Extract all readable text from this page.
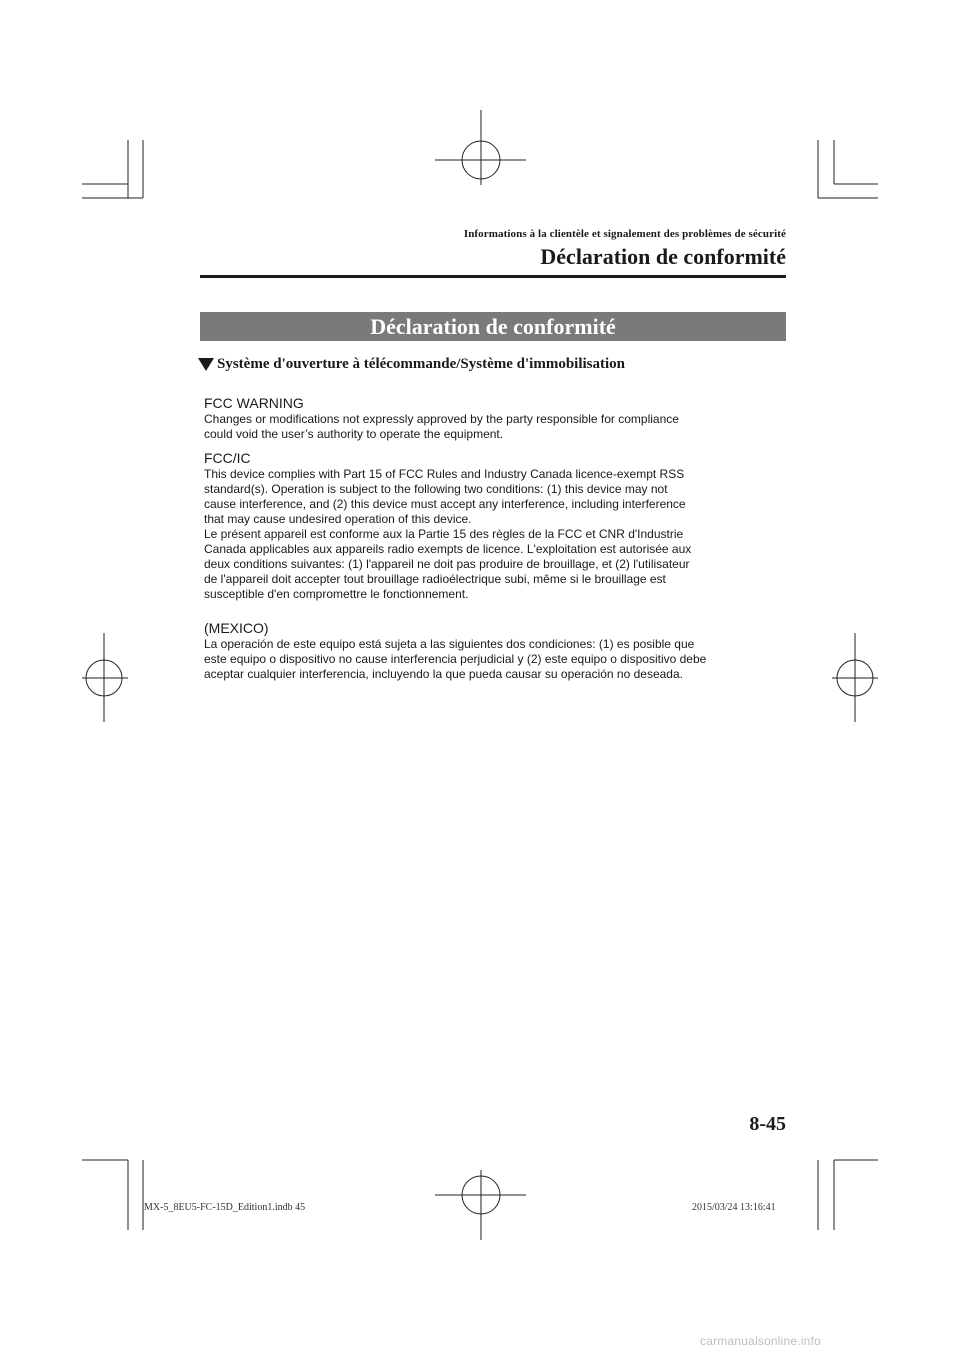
Informations à la clientèle et signalement des problèmes de sécurité
Déclaration de conformité
Déclaration de conformité
Système d'ouverture à télécommande/Système d'immobilisation

FCC WARNING

Changes or modifications not expressly approved by the party responsible for compliance

could void the user’s authority to operate the equipment.

FCC/IC

This device complies with Part 15 of FCC Rules and Industry Canada licence-exempt RSS

standard(s). Operation is subject to the following two conditions: (1) this device may not

cause interference, and (2) this device must accept any interference, including interference

that may cause undesired operation of this device.

Le présent appareil est conforme aux la Partie 15 des règles de la FCC et CNR d'Industrie

Canada applicables aux appareils radio exempts de licence. L'exploitation est autorisée aux

deux conditions suivantes: (1) l'appareil ne doit pas produire de brouillage, et (2) l'utilisateur

de l'appareil doit accepter tout brouillage radioélectrique subi, même si le brouillage est

susceptible d'en compromettre le fonctionnement.

(MEXICO)

La operación de este equipo está sujeta a las siguientes dos condiciones: (1) es posible que

este equipo o dispositivo no cause interferencia perjudicial y (2) este equipo o dispositivo debe

aceptar cualquier interferencia, incluyendo la que pueda causar su operación no deseada.

8-45
MX-5_8EU5-FC-15D_Edition1.indb 45	2015/03/24 13:16:41
carmanualsonline.info
